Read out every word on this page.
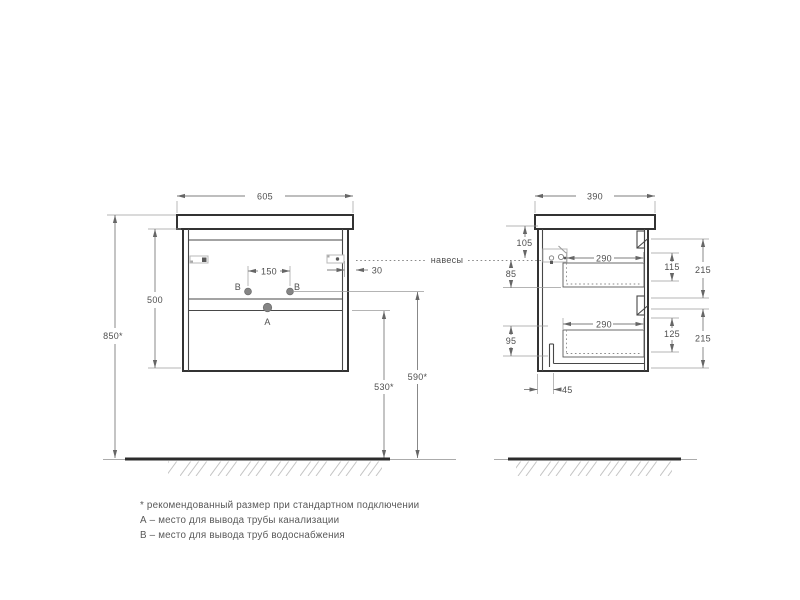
В	В
А
605
500
850*
150	30
590*
530*
навесы
390
105
85
95
290
290
115 215
125 215
45
* рекомендованный размер при стандартном подключении
А – место для вывода трубы канализации
В – место для вывода труб водоснабжения
